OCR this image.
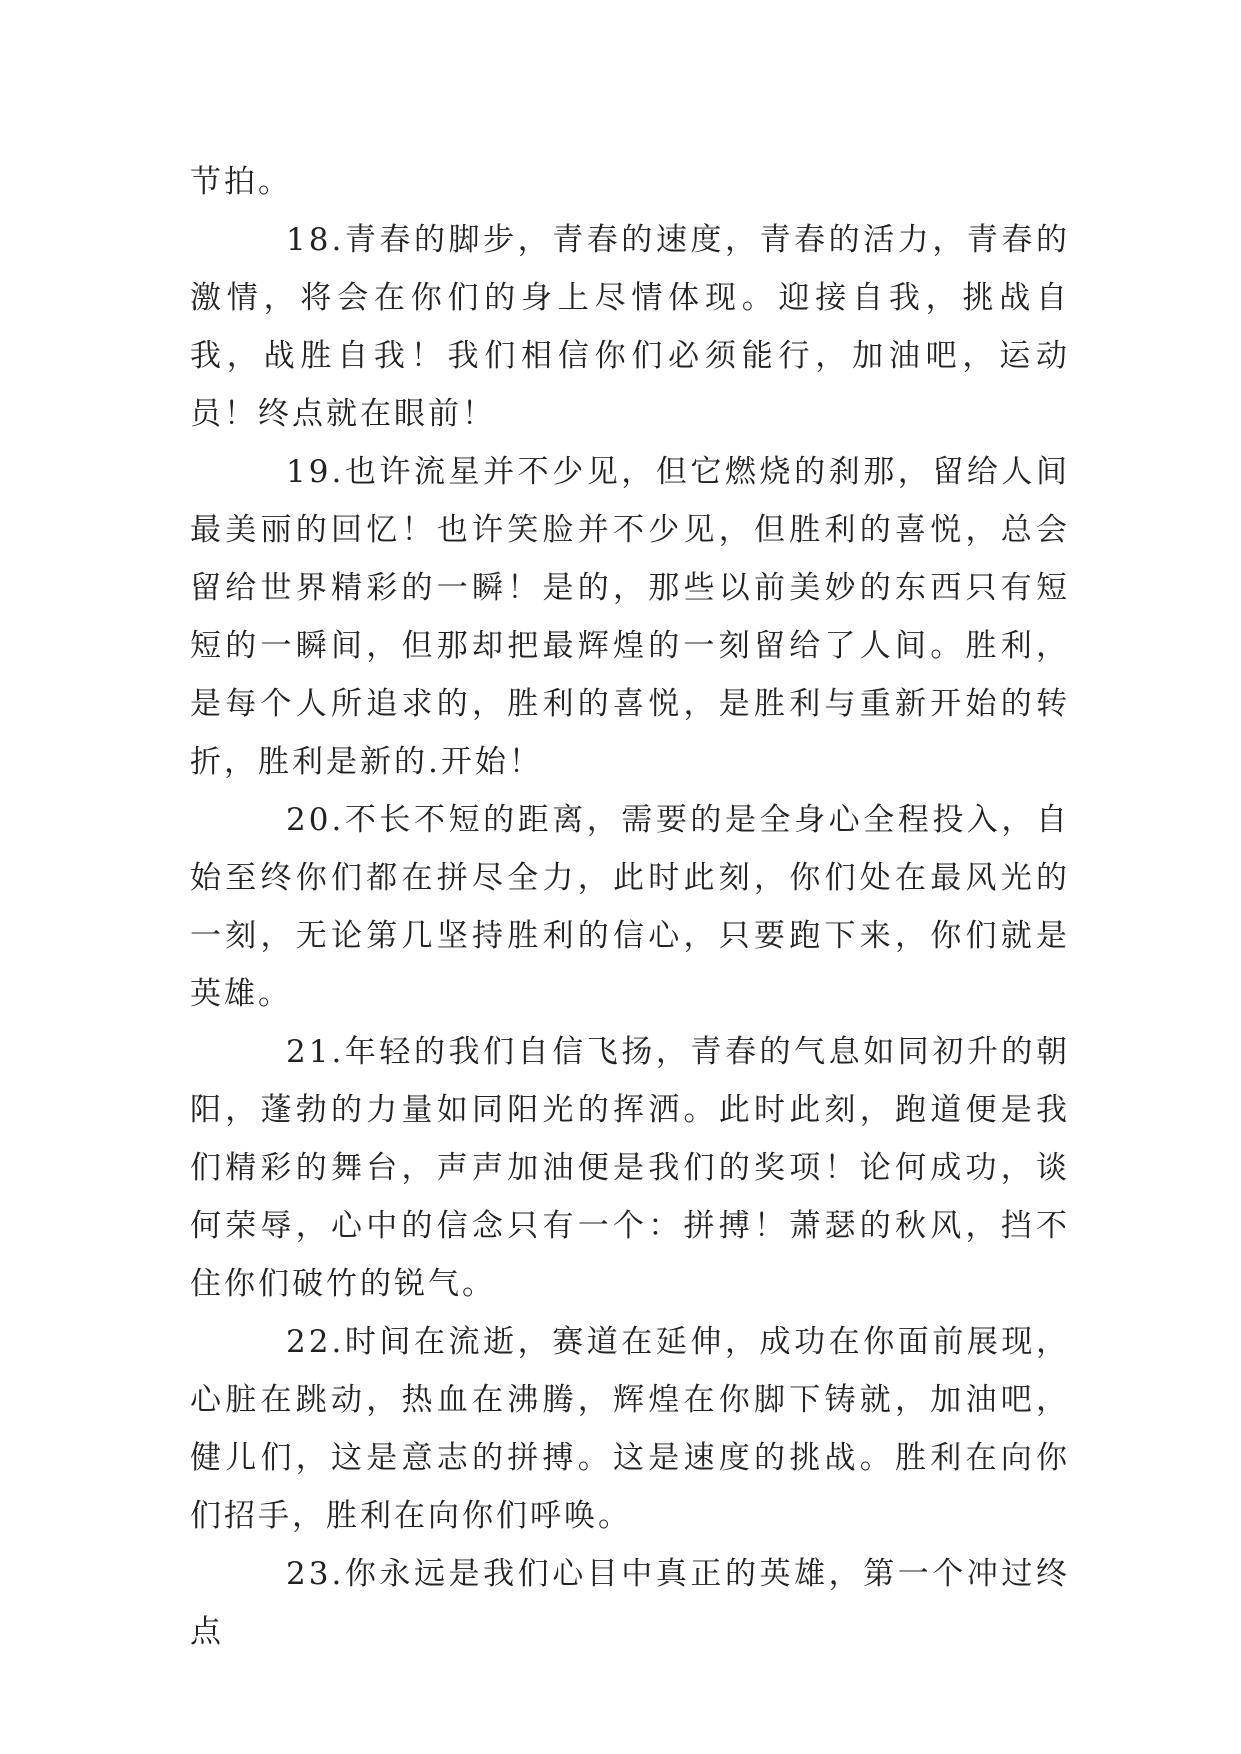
节拍。

18.青春的脚步，青春的速度，青春的活力，青春的激情，将会在你们的身上尽情体现。迎接自我，挑战自我，战胜自我！我们相信你们必须能行，加油吧，运动员！终点就在眼前！

19.也许流星并不少见，但它燃烧的刹那，留给人间最美丽的回忆！也许笑脸并不少见，但胜利的喜悦，总会留给世界精彩的一瞬！是的，那些以前美妙的东西只有短短的一瞬间，但那却把最辉煌的一刻留给了人间。胜利，是每个人所追求的，胜利的喜悦，是胜利与重新开始的转折，胜利是新的.开始！

20.不长不短的距离，需要的是全身心全程投入，自始至终你们都在拼尽全力，此时此刻，你们处在最风光的一刻，无论第几坚持胜利的信心，只要跑下来，你们就是英雄。

21.年轻的我们自信飞扬，青春的气息如同初升的朝阳，蓬勃的力量如同阳光的挥洒。此时此刻，跑道便是我们精彩的舞台，声声加油便是我们的奖项！论何成功，谈何荣辱，心中的信念只有一个：拼搏！萧瑟的秋风，挡不住你们破竹的锐气。

22.时间在流逝，赛道在延伸，成功在你面前展现，心脏在跳动，热血在沸腾，辉煌在你脚下铸就，加油吧，健儿们，这是意志的拼搏。这是速度的挑战。胜利在向你们招手，胜利在向你们呼唤。

23.你永远是我们心目中真正的英雄，第一个冲过终点
